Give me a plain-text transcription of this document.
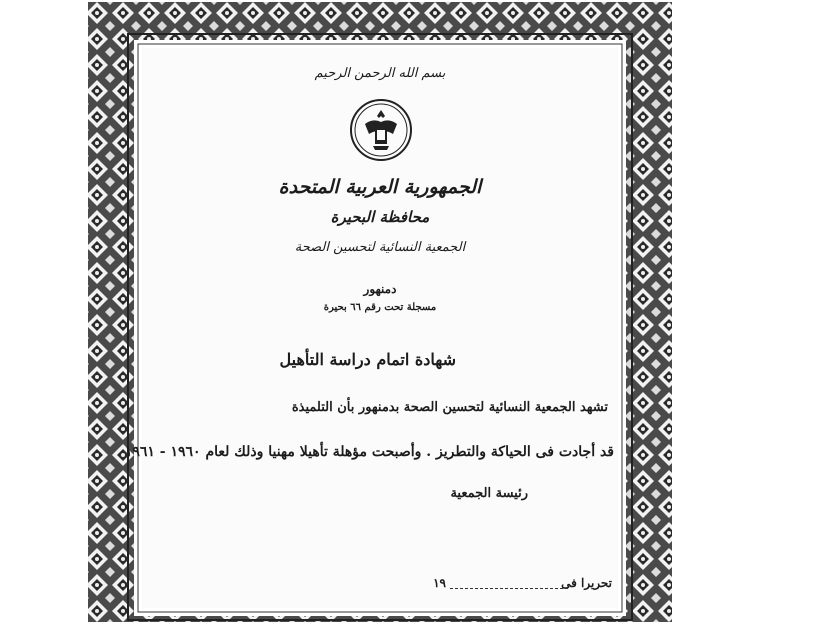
بسم الله الرحمن الرحيم
الجمهورية العربية المتحدة
محافظة البحيرة
الجمعية النسائية لتحسين الصحة
دمنهور
مسجلة تحت رقم ٦٦ بحيرة
شهادة اتمام دراسة التأهيل
تشهد الجمعية النسائية لتحسين الصحة بدمنهور بأن التلميذة
قد أجادت فى الحياكة والتطريز . وأصبحت مؤهلة تأهيلا مهنيا وذلك لعام ١٩٦٠ - ١٩٦١
رئيسة الجمعية
تحريرا فى
١٩
